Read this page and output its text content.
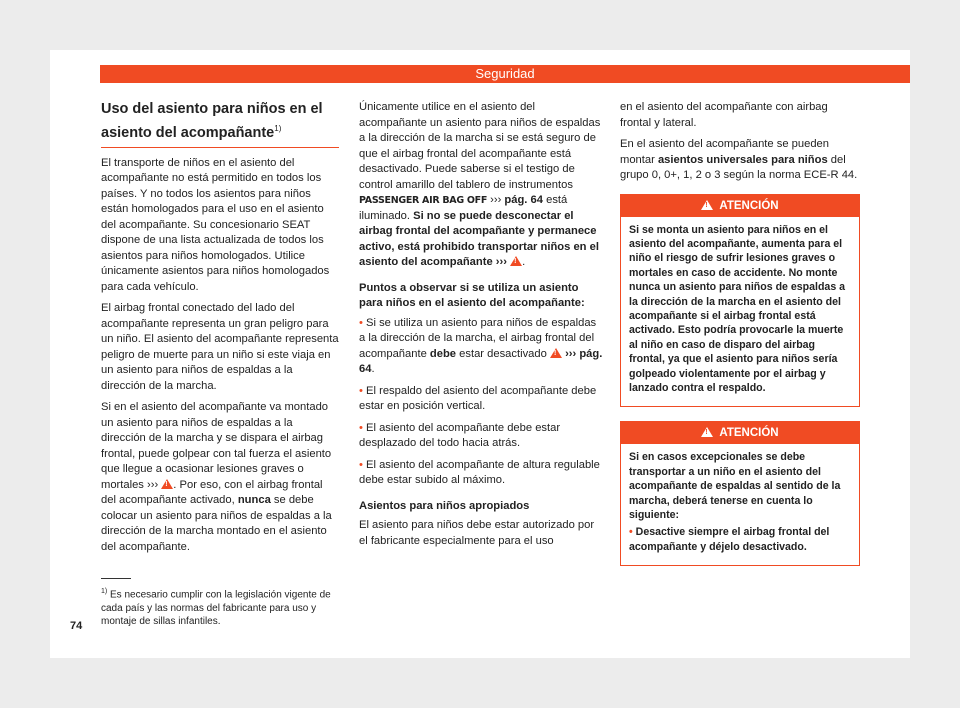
Seguridad
Uso del asiento para niños en el asiento del acompañante$^{1)}$

El transporte de niños en el asiento del acompañante no está permitido en todos los países. Y no todos los asientos para niños están homologados para el uso en el asiento del acompañante. Su concesionario SEAT dispone de una lista actualizada de todos los asientos para niños homologados. Utilice únicamente asientos para niños homologados para cada vehículo.

El airbag frontal conectado del lado del acompañante representa un gran peligro para un niño. El asiento del acompañante representa peligro de muerte para un niño si este viaja en un asiento para niños de espaldas a la dirección de la marcha.

Si en el asiento del acompañante va montado un asiento para niños de espaldas a la dirección de la marcha y se dispara el airbag frontal, puede golpear con tal fuerza el asiento que llegue a ocasionar lesiones graves o mortales ››› ! . Por eso, con el airbag frontal del acompañante activado, nunca se debe colocar un asiento para niños de espaldas a la dirección de la marcha montado en el asiento del acompañante.

Únicamente utilice en el asiento del acompañante un asiento para niños de espaldas a la dirección de la marcha si se está seguro de que el airbag frontal del acompañante está desactivado. Puede saberse si el testigo de control amarillo del tablero de instrumentos PASSENGER AIR BAG OFF ››› pág. 64 está iluminado. Si no se puede desconectar el airbag frontal del acompañante y permanece activo, está prohibido transportar niños en el asiento del acompañante ››› ! .

Puntos a observar si se utiliza un asiento para niños en el asiento del acompañante:

• Si se utiliza un asiento para niños de espaldas a la dirección de la marcha, el airbag frontal del acompañante debe estar desactivado ! ››› pág. 64.

• El respaldo del asiento del acompañante debe estar en posición vertical.

• El asiento del acompañante debe estar desplazado del todo hacia atrás.

• El asiento del acompañante de altura regulable debe estar subido al máximo.

Asientos para niños apropiados

El asiento para niños debe estar autorizado por el fabricante especialmente para el uso

en el asiento del acompañante con airbag frontal y lateral.

En el asiento del acompañante se pueden montar asientos universales para niños del grupo 0, 0+, 1, 2 o 3 según la norma ECE-R 44.

!ATENCIÓN

Si se monta un asiento para niños en el asiento del acompañante, aumenta para el niño el riesgo de sufrir lesiones graves o mortales en caso de accidente. No monte nunca un asiento para niños de espaldas a la dirección de la marcha en el asiento del acompañante si el airbag frontal está activado. Esto podría provocarle la muerte al niño en caso de disparo del airbag frontal, ya que el asiento para niños sería golpeado violentamente por el airbag y lanzado contra el respaldo.

!ATENCIÓN

Si en casos excepcionales se debe transportar a un niño en el asiento del acompañante de espaldas al sentido de la marcha, deberá tenerse en cuenta lo siguiente:

• Desactive siempre el airbag frontal del acompañante y déjelo desactivado.

$^{1)}$ Es necesario cumplir con la legislación vigente de cada país y las normas del fabricante para uso y montaje de sillas infantiles.
74
